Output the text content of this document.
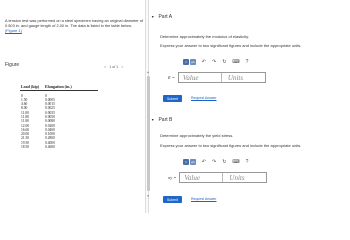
A tension test was performed on a steel specimen having an original diameter of 0.503 in. and gauge length of 2.00 in. The data is listed in the table below. (Figure 1)
Figure	< 1 of 1 >
Load (kip)	Elongation (in.)

0	0
1.50	0.0005
4.60	0.0015
8.00	0.0025
11.00	0.0035
11.80	0.0050
11.80	0.0080
12.00	0.0200
16.60	0.0400
20.00	0.1000
21.50	0.2800
19.50	0.4000
18.50	0.4600
▲
▼
▼ Part A
Determine approximately the modulus of elasticity.
Express your answer to two significant figures and include the appropriate units.
□	μA ↶ ↷ ↻ ⌨ ?
E =	Value	Units
Submit	Request Answer
▼ Part B
Determine approximately the yield stress.
Express your answer to two significant figures and include the appropriate units.
□	μA ↶ ↷ ↻ ⌨ ?
σy =	Value	Units
Submit	Request Answer
